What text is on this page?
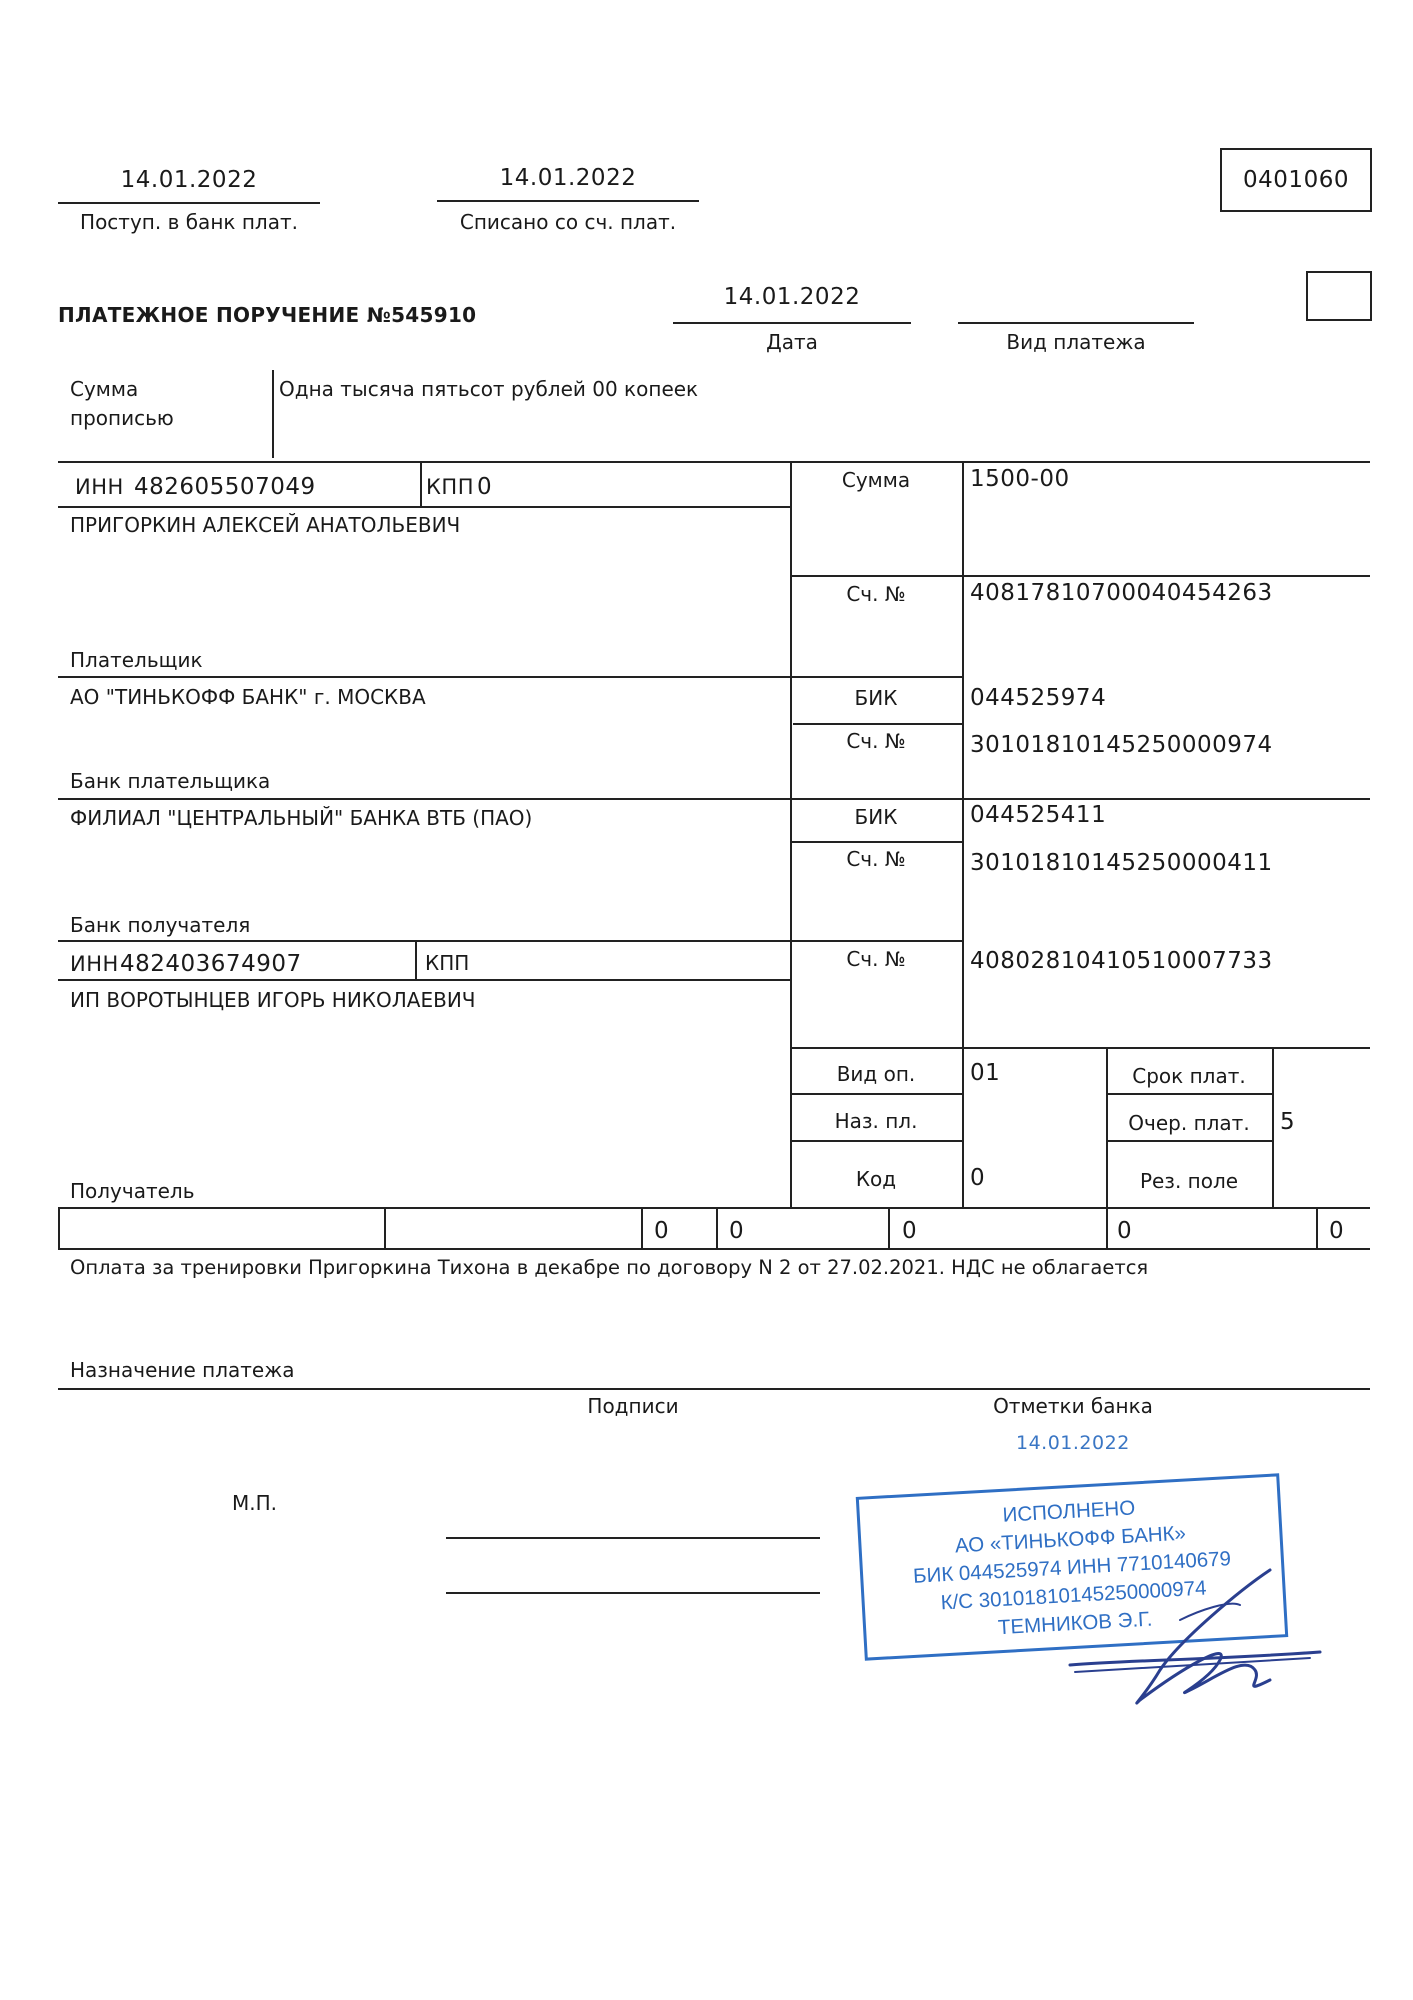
14.01.2022
Поступ. в банк плат.
14.01.2022
Списано со сч. плат.
0401060
ПЛАТЕЖНОЕ ПОРУЧЕНИЕ №545910
14.01.2022
Дата	Вид платежа
Сумма
прописью
Одна тысяча пятьсот рублей 00 копеек
ИНН 482605507049	КПП 0
ПРИГОРКИН АЛЕКСЕЙ АНАТОЛЬЕВИЧ
Плательщик
Сумма	1500-00
Сч. №	40817810700040454263
АО "ТИНЬКОФФ БАНК" г. МОСКВА
Банк плательщика
БИК	044525974
Сч. №	30101810145250000974
ФИЛИАЛ "ЦЕНТРАЛЬНЫЙ" БАНКА ВТБ (ПАО)
Банк получателя
БИК	044525411
Сч. №	30101810145250000411
ИНН 482403674907	КПП
ИП ВОРОТЫНЦЕВ ИГОРЬ НИКОЛАЕВИЧ
Получатель
Сч. №	40802810410510007733
Вид оп.	01
Наз. пл.
Код	0
Срок плат.
Очер. плат.	5
Рез. поле
0	0	0	0	0
Оплата за тренировки Пригоркина Тихона в декабре по договору N 2 от 27.02.2021. НДС не облагается
Назначение платежа
Подписи	Отметки банка
14.01.2022
М.П.	ИСПОЛНЕНО
АО «ТИНЬКОФФ БАНК»
БИК 044525974 ИНН 7710140679
К/С 30101810145250000974
ТЕМНИКОВ Э.Г.
